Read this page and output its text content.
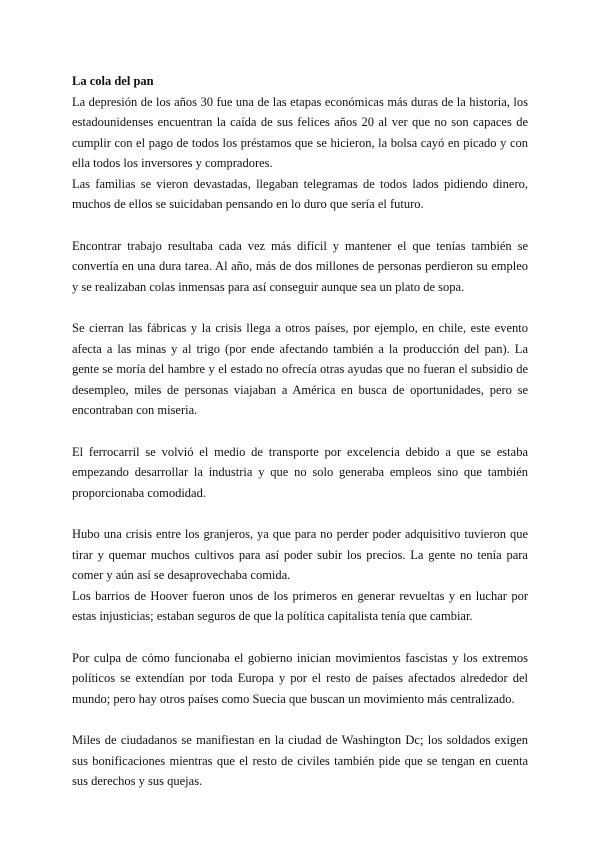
La cola del pan

La depresión de los años 30 fue una de las etapas económicas más duras de la historia, los estadounidenses encuentran la caída de sus felices años 20 al ver que no son capaces de cumplir con el pago de todos los préstamos que se hicieron, la bolsa cayó en picado y con ella todos los inversores y compradores.

Las familias se vieron devastadas, llegaban telegramas de todos lados pidiendo dinero, muchos de ellos se suicidaban pensando en lo duro que sería el futuro.

Encontrar trabajo resultaba cada vez más difícil y mantener el que tenías también se convertía en una dura tarea. Al año, más de dos millones de personas perdieron su empleo y se realizaban colas inmensas para así conseguir aunque sea un plato de sopa.

Se cierran las fábricas y la crisis llega a otros países, por ejemplo, en chile, este evento afecta a las minas y al trigo (por ende afectando también a la producción del pan). La gente se moría del hambre y el estado no ofrecía otras ayudas que no fueran el subsidio de desempleo, miles de personas viajaban a América en busca de oportunidades, pero se encontraban con miseria.

El ferrocarril se volvió el medio de transporte por excelencia debido a que se estaba empezando desarrollar la industria y que no solo generaba empleos sino que también proporcionaba comodidad.

Hubo una crisis entre los granjeros, ya que para no perder poder adquisitivo tuvieron que tirar y quemar muchos cultivos para así poder subir los precios. La gente no tenía para comer y aún así se desaprovechaba comida.

Los barrios de Hoover fueron unos de los primeros en generar revueltas y en luchar por estas injusticias; estaban seguros de que la política capitalista tenía que cambiar.

Por culpa de cómo funcionaba el gobierno inician movimientos fascistas y los extremos políticos se extendían por toda Europa y por el resto de países afectados alrededor del mundo; pero hay otros países como Suecia que buscan un movimiento más centralizado.

Miles de ciudadanos se manifiestan en la ciudad de Washington Dc; los soldados exigen sus bonificaciones mientras que el resto de civiles también pide que se tengan en cuenta sus derechos y sus quejas.
